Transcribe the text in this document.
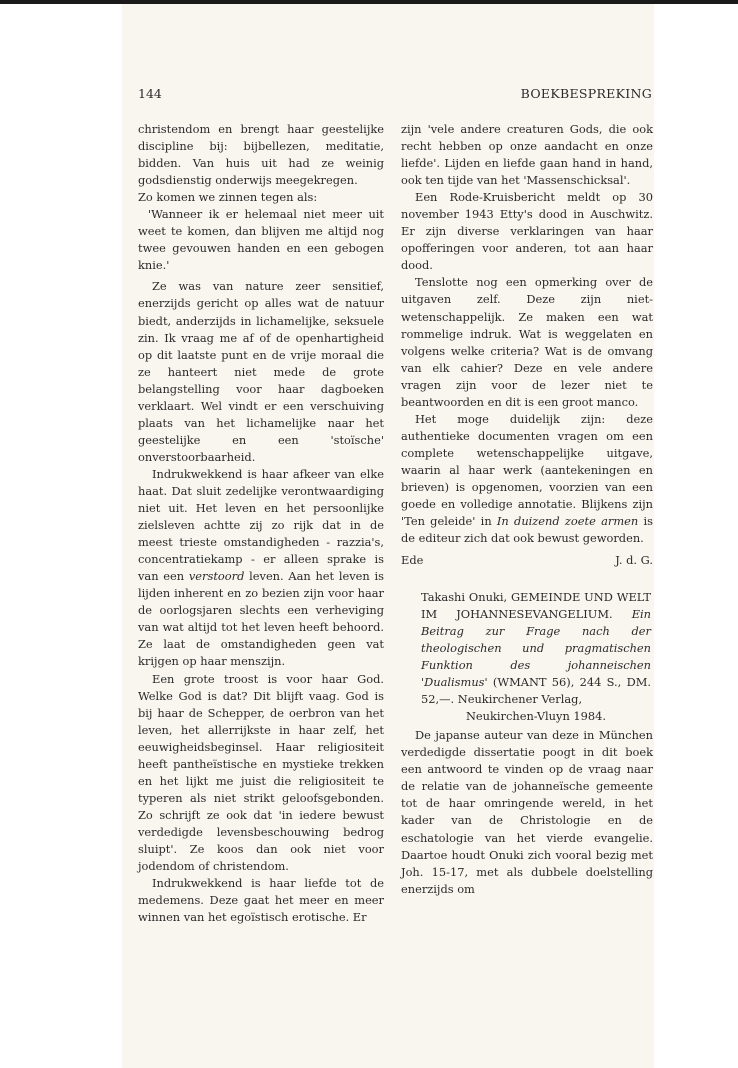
144	BOEKBESPREKING

christendom en brengt haar geestelijke discipline bij: bijbellezen, meditatie, bidden. Van huis uit had ze weinig godsdienstig onderwijs meegekregen.

Zo komen we zinnen tegen als:

'Wanneer ik er helemaal niet meer uit weet te komen, dan blijven me altijd nog twee gevouwen handen en een gebogen knie.'

Ze was van nature zeer sensitief, enerzijds gericht op alles wat de natuur biedt, anderzijds in lichamelijke, seksuele zin. Ik vraag me af of de openhartigheid op dit laatste punt en de vrije moraal die ze hanteert niet mede de grote belangstelling voor haar dagboeken verklaart. Wel vindt er een verschuiving plaats van het lichamelijke naar het geestelijke en een 'stoïsche' onverstoorbaarheid.

Indrukwekkend is haar afkeer van elke haat. Dat sluit zedelijke verontwaardiging niet uit. Het leven en het persoonlijke zielsleven achtte zij zo rijk dat in de meest trieste omstandigheden - razzia's, concentratiekamp - er alleen sprake is van een verstoord leven. Aan het leven is lijden inherent en zo bezien zijn voor haar de oorlogsjaren slechts een verheviging van wat altijd tot het leven heeft behoord. Ze laat de omstandigheden geen vat krijgen op haar menszijn.

Een grote troost is voor haar God. Welke God is dat? Dit blijft vaag. God is bij haar de Schepper, de oerbron van het leven, het allerrijkste in haar zelf, het eeuwigheidsbeginsel. Haar religiositeit heeft pantheïstische en mystieke trekken en het lijkt me juist die religiositeit te typeren als niet strikt geloofsgebonden. Zo schrijft ze ook dat 'in iedere bewust verdedigde levensbeschouwing bedrog sluipt'. Ze koos dan ook niet voor jodendom of christendom.

Indrukwekkend is haar liefde tot de medemens. Deze gaat het meer en meer winnen van het egoïstisch erotische. Er

zijn 'vele andere creaturen Gods, die ook recht hebben op onze aandacht en onze liefde'. Lijden en liefde gaan hand in hand, ook ten tijde van het 'Massenschicksal'.

Een Rode-Kruisbericht meldt op 30 november 1943 Etty's dood in Auschwitz. Er zijn diverse verklaringen van haar opofferingen voor anderen, tot aan haar dood.

Tenslotte nog een opmerking over de uitgaven zelf. Deze zijn niet-wetenschappelijk. Ze maken een wat rommelige indruk. Wat is weggelaten en volgens welke criteria? Wat is de omvang van elk cahier? Deze en vele andere vragen zijn voor de lezer niet te beantwoorden en dit is een groot manco.

Het moge duidelijk zijn: deze authentieke documenten vragen om een complete wetenschappelijke uitgave, waarin al haar werk (aantekeningen en brieven) is opgenomen, voorzien van een goede en volledige annotatie. Blijkens zijn 'Ten geleide' in In duizend zoete armen is de editeur zich dat ook bewust geworden.

Ede	J. d. G.
Takashi Onuki, GEMEINDE UND WELT IM JOHANNESEVANGELIUM. Ein Beitrag zur Frage nach der theologischen und pragmatischen Funktion des johanneischen 'Dualismus' (WMANT 56), 244 S., DM. 52,—. Neukirchener Verlag,
Neukirchen-Vluyn 1984.

De japanse auteur van deze in München verdedigde dissertatie poogt in dit boek een antwoord te vinden op de vraag naar de relatie van de johanneïsche gemeente tot de haar omringende wereld, in het kader van de Christologie en de eschatologie van het vierde evangelie. Daartoe houdt Onuki zich vooral bezig met Joh. 15-17, met als dubbele doelstelling enerzijds om
